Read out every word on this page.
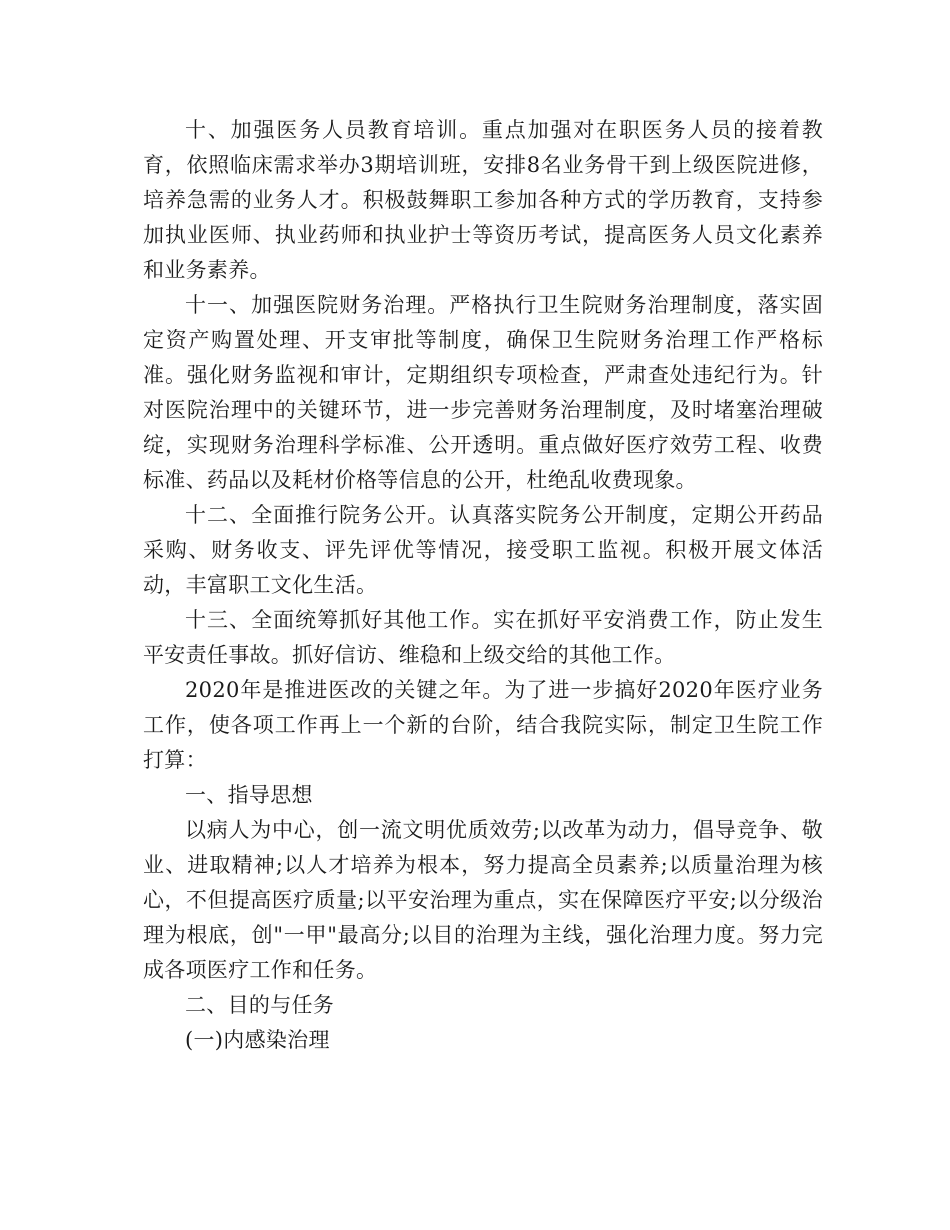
十、加强医务人员教育培训。重点加强对在职医务人员的接着教育，依照临床需求举办3期培训班，安排8名业务骨干到上级医院进修，培养急需的业务人才。积极鼓舞职工参加各种方式的学历教育，支持参加执业医师、执业药师和执业护士等资历考试，提高医务人员文化素养和业务素养。

十一、加强医院财务治理。严格执行卫生院财务治理制度，落实固定资产购置处理、开支审批等制度，确保卫生院财务治理工作严格标准。强化财务监视和审计，定期组织专项检查，严肃查处违纪行为。针对医院治理中的关键环节，进一步完善财务治理制度，及时堵塞治理破绽，实现财务治理科学标准、公开透明。重点做好医疗效劳工程、收费标准、药品以及耗材价格等信息的公开，杜绝乱收费现象。

十二、全面推行院务公开。认真落实院务公开制度，定期公开药品采购、财务收支、评先评优等情况，接受职工监视。积极开展文体活动，丰富职工文化生活。

十三、全面统筹抓好其他工作。实在抓好平安消费工作，防止发生平安责任事故。抓好信访、维稳和上级交给的其他工作。

2020年是推进医改的关键之年。为了进一步搞好2020年医疗业务工作，使各项工作再上一个新的台阶，结合我院实际，制定卫生院工作打算：

一、指导思想

以病人为中心，创一流文明优质效劳;以改革为动力，倡导竞争、敬业、进取精神;以人才培养为根本，努力提高全员素养;以质量治理为核心，不但提高医疗质量;以平安治理为重点，实在保障医疗平安;以分级治理为根底，创"一甲"最高分;以目的治理为主线，强化治理力度。努力完成各项医疗工作和任务。

二、目的与任务

(一)内感染治理
